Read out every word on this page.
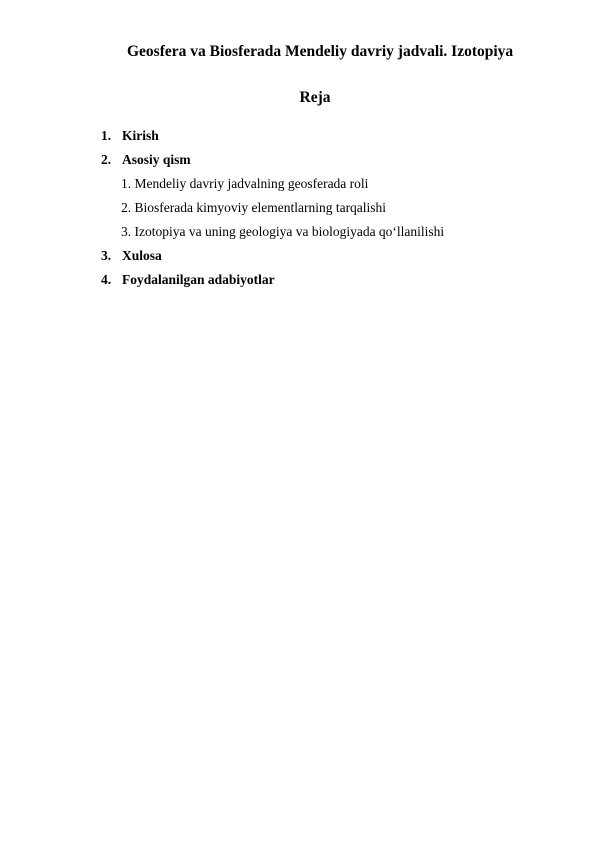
Geosfera va Biosferada Mendeliy davriy jadvali. Izotopiya
Reja
1. Kirish
2. Asosiy qism
1. Mendeliy davriy jadvalning geosferada roli
2. Biosferada kimyoviy elementlarning tarqalishi
3. Izotopiya va uning geologiya va biologiyada qo‘llanilishi
3. Xulosa
4. Foydalanilgan adabiyotlar
